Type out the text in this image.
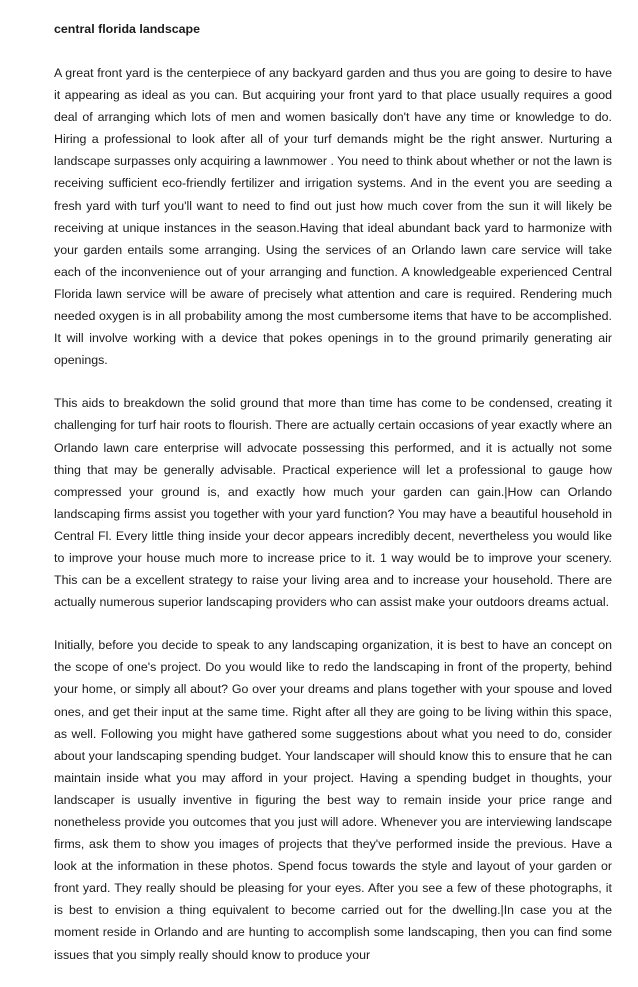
central florida landscape

A great front yard is the centerpiece of any backyard garden and thus you are going to desire to have it appearing as ideal as you can. But acquiring your front yard to that place usually requires a good deal of arranging which lots of men and women basically don't have any time or knowledge to do. Hiring a professional to look after all of your turf demands might be the right answer. Nurturing a landscape surpasses only acquiring a lawnmower . You need to think about whether or not the lawn is receiving sufficient eco-friendly fertilizer and irrigation systems. And in the event you are seeding a fresh yard with turf you'll want to need to find out just how much cover from the sun it will likely be receiving at unique instances in the season.Having that ideal abundant back yard to harmonize with your garden entails some arranging. Using the services of an Orlando lawn care service will take each of the inconvenience out of your arranging and function. A knowledgeable experienced Central Florida lawn service will be aware of precisely what attention and care is required. Rendering much needed oxygen is in all probability among the most cumbersome items that have to be accomplished. It will involve working with a device that pokes openings in to the ground primarily generating air openings.

This aids to breakdown the solid ground that more than time has come to be condensed, creating it challenging for turf hair roots to flourish. There are actually certain occasions of year exactly where an Orlando lawn care enterprise will advocate possessing this performed, and it is actually not some thing that may be generally advisable. Practical experience will let a professional to gauge how compressed your ground is, and exactly how much your garden can gain.|How can Orlando landscaping firms assist you together with your yard function? You may have a beautiful household in Central Fl. Every little thing inside your decor appears incredibly decent, nevertheless you would like to improve your house much more to increase price to it. 1 way would be to improve your scenery. This can be a excellent strategy to raise your living area and to increase your household. There are actually numerous superior landscaping providers who can assist make your outdoors dreams actual.

Initially, before you decide to speak to any landscaping organization, it is best to have an concept on the scope of one's project. Do you would like to redo the landscaping in front of the property, behind your home, or simply all about? Go over your dreams and plans together with your spouse and loved ones, and get their input at the same time. Right after all they are going to be living within this space, as well. Following you might have gathered some suggestions about what you need to do, consider about your landscaping spending budget. Your landscaper will should know this to ensure that he can maintain inside what you may afford in your project. Having a spending budget in thoughts, your landscaper is usually inventive in figuring the best way to remain inside your price range and nonetheless provide you outcomes that you just will adore. Whenever you are interviewing landscape firms, ask them to show you images of projects that they've performed inside the previous. Have a look at the information in these photos. Spend focus towards the style and layout of your garden or front yard. They really should be pleasing for your eyes. After you see a few of these photographs, it is best to envision a thing equivalent to become carried out for the dwelling.|In case you at the moment reside in Orlando and are hunting to accomplish some landscaping, then you can find some issues that you simply really should know to produce your
